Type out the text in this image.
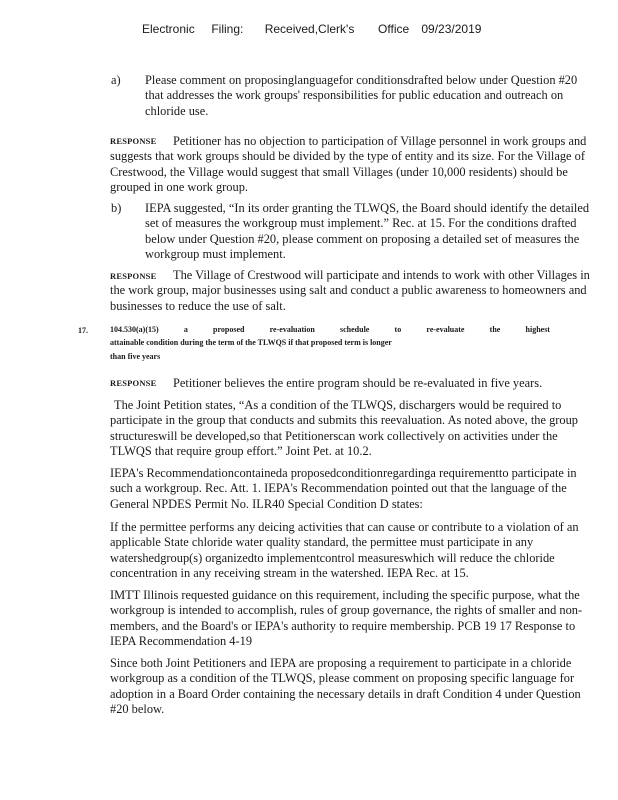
Electronic Filing: Received,Clerk's Office 09/23/2019
a) Please comment on proposinglanguagefor conditionsdrafted below under Question #20 that addresses the work groups' responsibilities for public education and outreach on chloride use.

RESPONSE	Petitioner has no objection to participation of Village personnel in work groups and suggests that work groups should be divided by the type of entity and its size. For the Village of Crestwood, the Village would suggest that small Villages (under 10,000 residents) should be grouped in one work group.

b) IEPA suggested, “In its order granting the TLWQS, the Board should identify the detailed set of measures the workgroup must implement.” Rec. at 15. For the conditions drafted below under Question #20, please comment on proposing a detailed set of measures the workgroup must implement.

RESPONSE	The Village of Crestwood will participate and intends to work with other Villages in the work group, major businesses using salt and conduct a public awareness to homeowners and businesses to reduce the use of salt.

17.	104.530(a)(15)	a	proposed	re-evaluation	schedule	to	re-evaluate	the	highest
attainable condition during the term of the TLWQS if that proposed term is longer
than five years
RESPONSE Petitioner believes the entire program should be re-evaluated in five years.

The Joint Petition states, “As a condition of the TLWQS, dischargers would be required to participate in the group that conducts and submits this reevaluation. As noted above, the group structureswill be developed,so that Petitionerscan work collectively on activities under the TLWQS that require group effort.” Joint Pet. at 10.2.

IEPA's Recommendationcontaineda proposedconditionregardinga requirementto participate in such a workgroup. Rec. Att. 1. IEPA's Recommendation pointed out that the language of the General NPDES Permit No. ILR40 Special Condition D states:

If the permittee performs any deicing activities that can cause or contribute to a violation of an applicable State chloride water quality standard, the permittee must participate in any watershedgroup(s) organizedto implementcontrol measureswhich will reduce the chloride concentration in any receiving stream in the watershed. IEPA Rec. at 15.

IMTT Illinois requested guidance on this requirement, including the specific purpose, what the workgroup is intended to accomplish, rules of group governance, the rights of smaller and non-members, and the Board's or IEPA's authority to require membership. PCB 19 17 Response to IEPA Recommendation 4-19

Since both Joint Petitioners and IEPA are proposing a requirement to participate in a chloride workgroup as a condition of the TLWQS, please comment on proposing specific language for adoption in a Board Order containing the necessary details in draft Condition 4 under Question #20 below.
